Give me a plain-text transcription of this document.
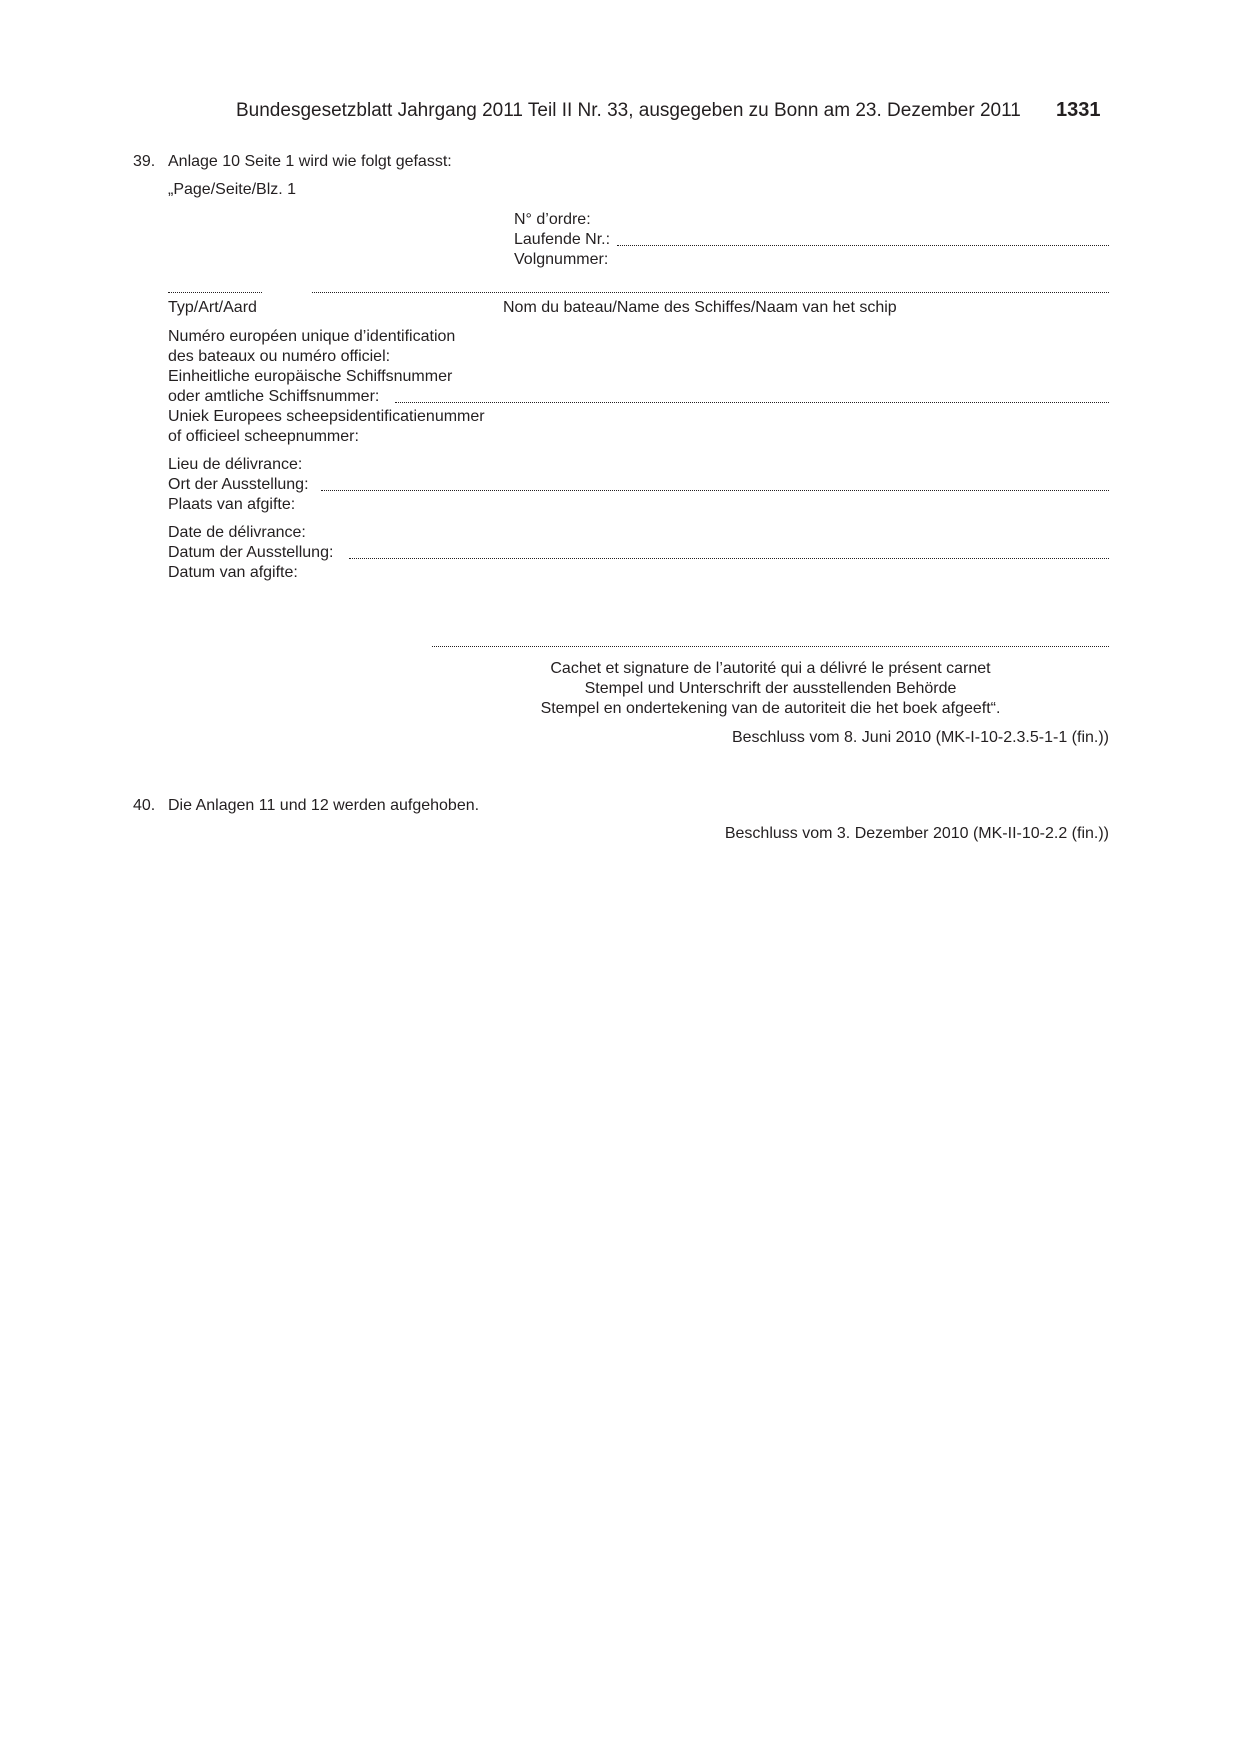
Bundesgesetzblatt Jahrgang 2011 Teil II Nr. 33, ausgegeben zu Bonn am 23. Dezember 2011 1331
39. Anlage 10 Seite 1 wird wie folgt gefasst:
„Page/Seite/Blz. 1
N° d’ordre:
Laufende Nr.:
Volgnummer:
Typ/Art/Aard	Nom du bateau/Name des Schiffes/Naam van het schip
Numéro européen unique d’identification
des bateaux ou numéro officiel:
Einheitliche europäische Schiffsnummer
oder amtliche Schiffsnummer:
Uniek Europees scheepsidentificatienummer
of officieel scheepnummer:
Lieu de délivrance:
Ort der Ausstellung:
Plaats van afgifte:
Date de délivrance:
Datum der Ausstellung:
Datum van afgifte:
Cachet et signature de l’autorité qui a délivré le présent carnet
Stempel und Unterschrift der ausstellenden Behörde
Stempel en ondertekening van de autoriteit die het boek afgeeft“.
Beschluss vom 8. Juni 2010 (MK-I-10-2.3.5-1-1 (fin.))
40. Die Anlagen 11 und 12 werden aufgehoben.
Beschluss vom 3. Dezember 2010 (MK-II-10-2.2 (fin.))
